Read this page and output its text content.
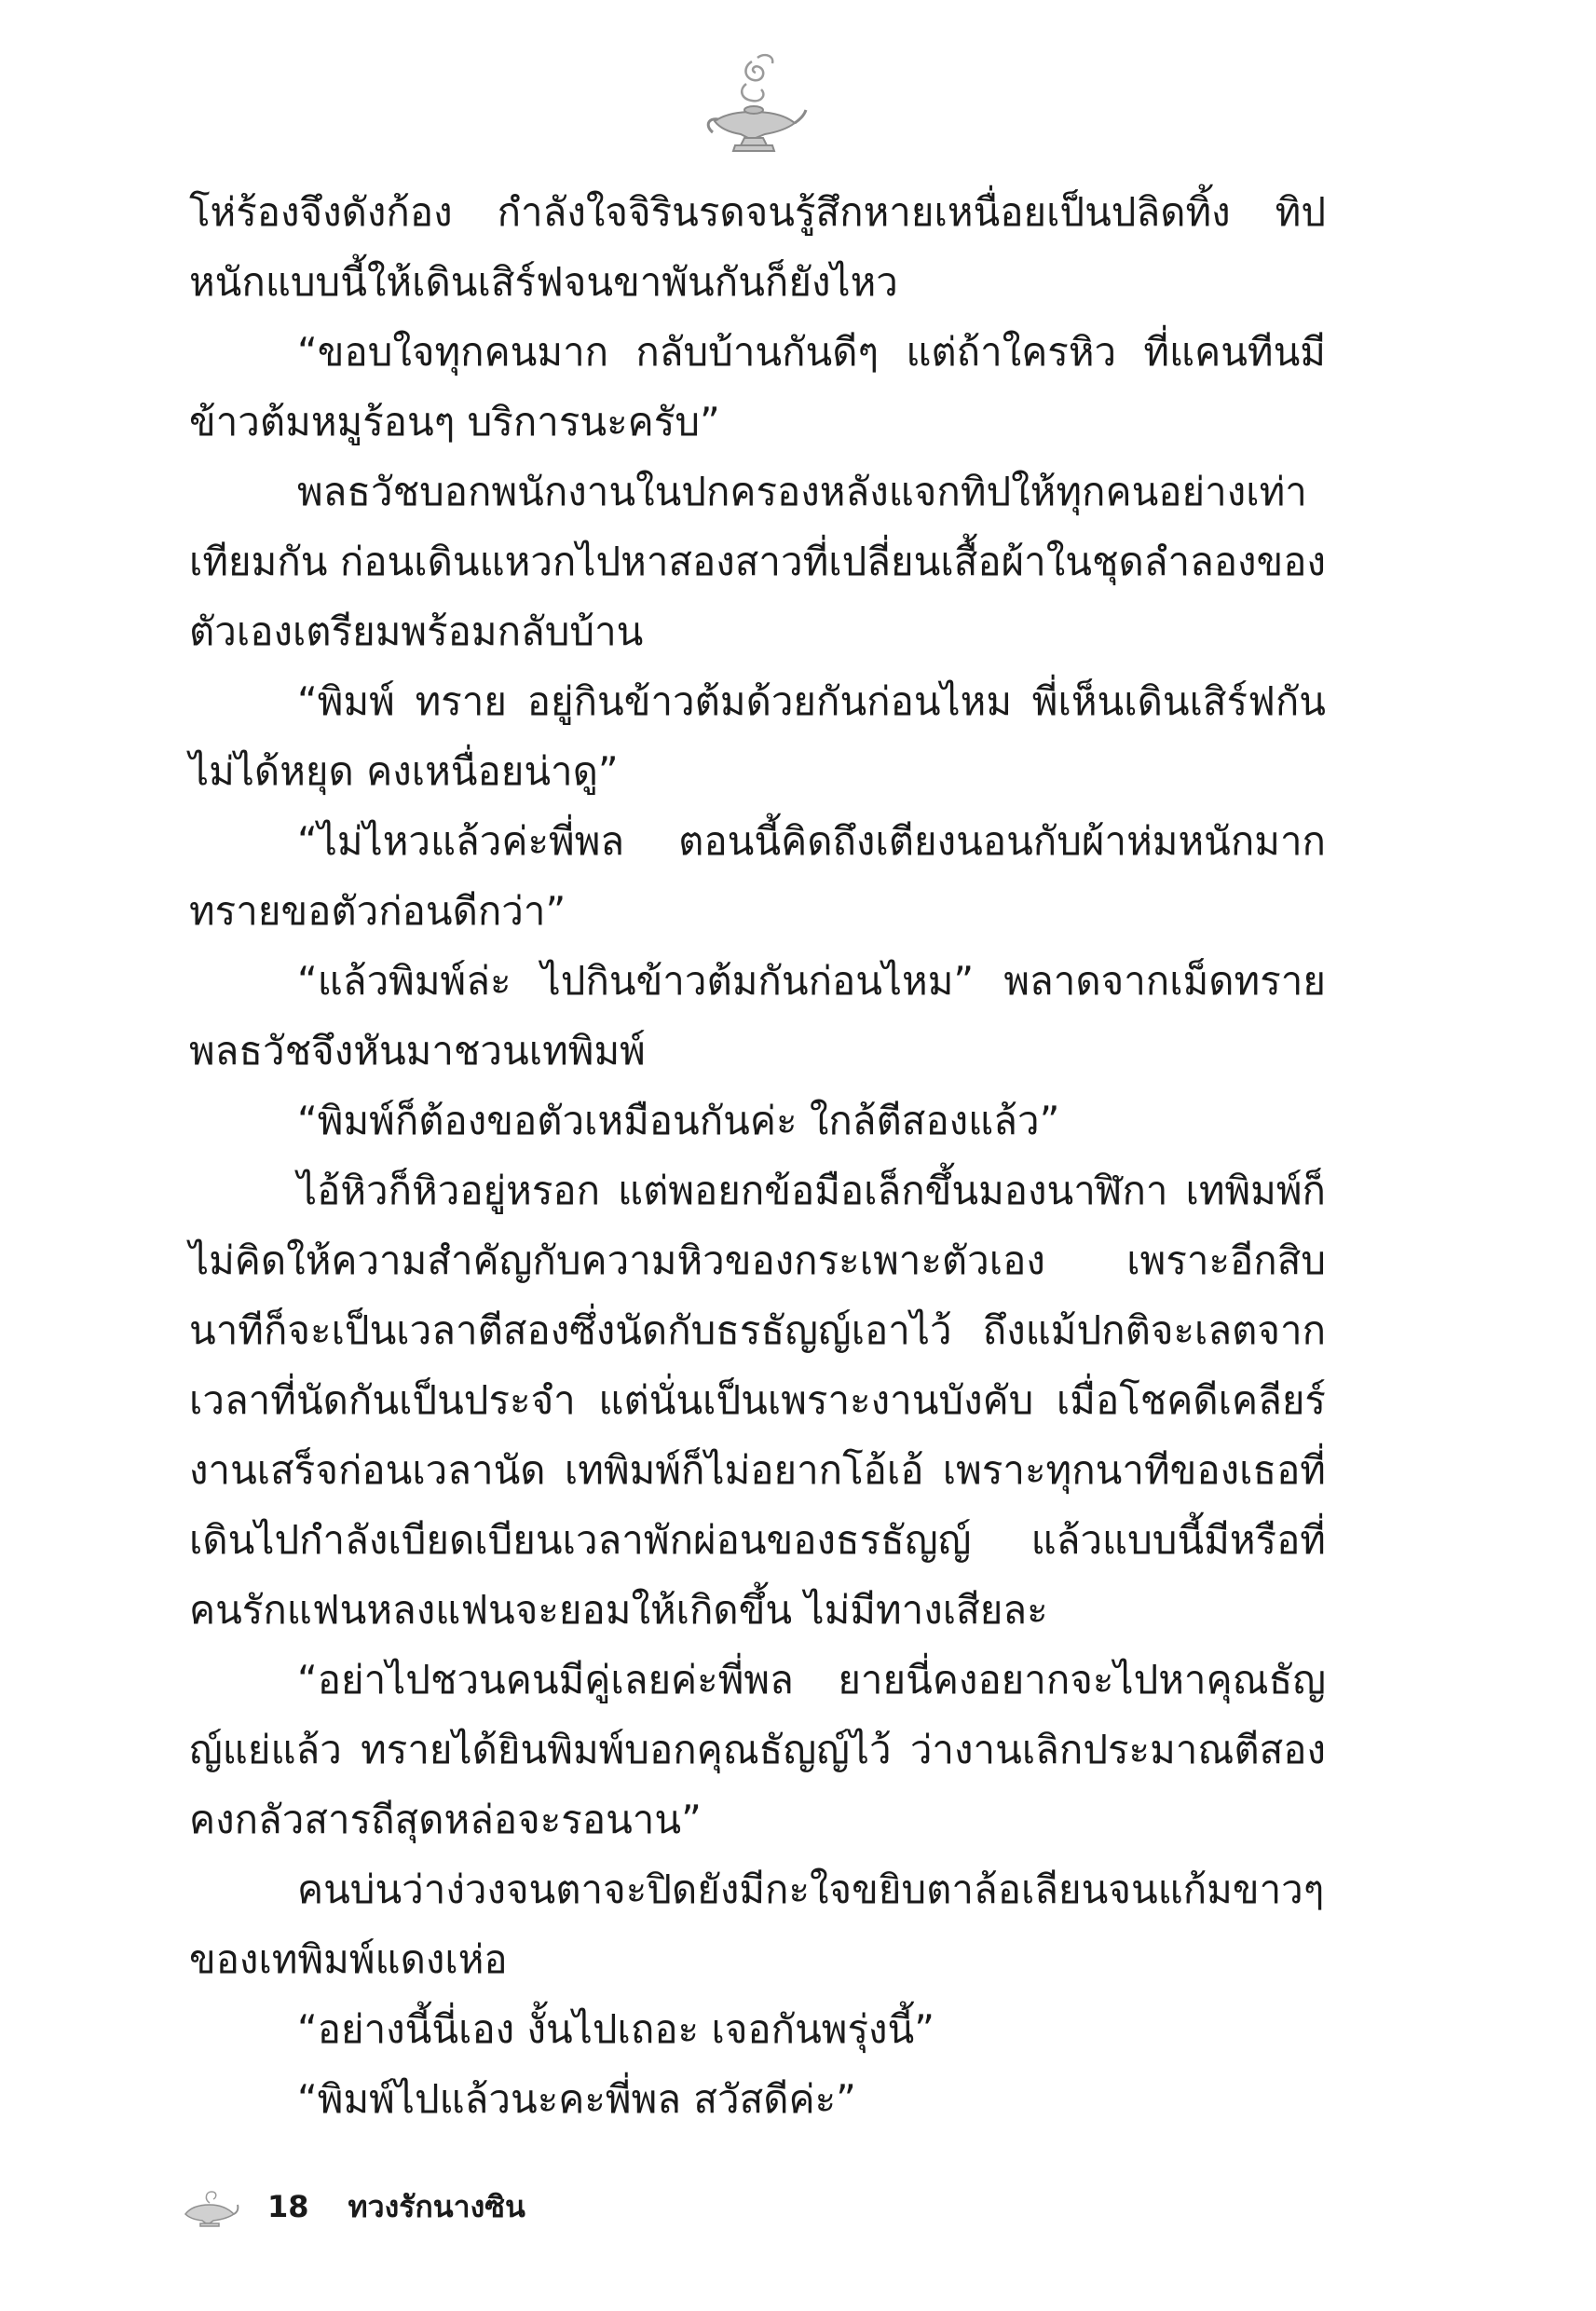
โห่ร้องจึงดังก้อง กำลังใจจิรินรดจนรู้สึกหายเหนื่อยเป็นปลิดทิ้ง ทิปหนักแบบนี้ให้เดินเสิร์ฟจนขาพันกันก็ยังไหว

“ขอบใจทุกคนมาก กลับบ้านกันดีๆ แต่ถ้าใครหิว ที่แคนทีนมีข้าวต้มหมูร้อนๆ บริการนะครับ”

พลธวัชบอกพนักงานในปกครองหลังแจกทิปให้ทุกคนอย่างเท่าเทียมกัน ก่อนเดินแหวกไปหาสองสาวที่เปลี่ยนเสื้อผ้าในชุดลำลองของตัวเองเตรียมพร้อมกลับบ้าน

“พิมพ์ ทราย อยู่กินข้าวต้มด้วยกันก่อนไหม พี่เห็นเดินเสิร์ฟกันไม่ได้หยุด คงเหนื่อยน่าดู”

“ไม่ไหวแล้วค่ะพี่พล ตอนนี้คิดถึงเตียงนอนกับผ้าห่มหนักมากทรายขอตัวก่อนดีกว่า”

“แล้วพิมพ์ล่ะ ไปกินข้าวต้มกันก่อนไหม” พลาดจากเม็ดทรายพลธวัชจึงหันมาชวนเทพิมพ์

“พิมพ์ก็ต้องขอตัวเหมือนกันค่ะ ใกล้ตีสองแล้ว”

ไอ้หิวก็หิวอยู่หรอก แต่พอยกข้อมือเล็กขึ้นมองนาฬิกา เทพิมพ์ก็ไม่คิดให้ความสำคัญกับความหิวของกระเพาะตัวเอง เพราะอีกสิบนาทีก็จะเป็นเวลาตีสองซึ่งนัดกับธรธัญญ์เอาไว้ ถึงแม้ปกติจะเลตจากเวลาที่นัดกันเป็นประจำ แต่นั่นเป็นเพราะงานบังคับ เมื่อโชคดีเคลียร์งานเสร็จก่อนเวลานัด เทพิมพ์ก็ไม่อยากโอ้เอ้ เพราะทุกนาทีของเธอที่เดินไปกำลังเบียดเบียนเวลาพักผ่อนของธรธัญญ์ แล้วแบบนี้มีหรือที่คนรักแฟนหลงแฟนจะยอมให้เกิดขึ้น ไม่มีทางเสียละ

“อย่าไปชวนคนมีคู่เลยค่ะพี่พล ยายนี่คงอยากจะไปหาคุณธัญญ์แย่แล้ว ทรายได้ยินพิมพ์บอกคุณธัญญ์ไว้ ว่างานเลิกประมาณตีสองคงกลัวสารถีสุดหล่อจะรอนาน”

คนบ่นว่าง่วงจนตาจะปิดยังมีกะใจขยิบตาล้อเลียนจนแก้มขาวๆของเทพิมพ์แดงเห่อ

“อย่างนี้นี่เอง งั้นไปเถอะ เจอกันพรุ่งนี้”

“พิมพ์ไปแล้วนะคะพี่พล สวัสดีค่ะ”

18 ทวงรักนางซิน
